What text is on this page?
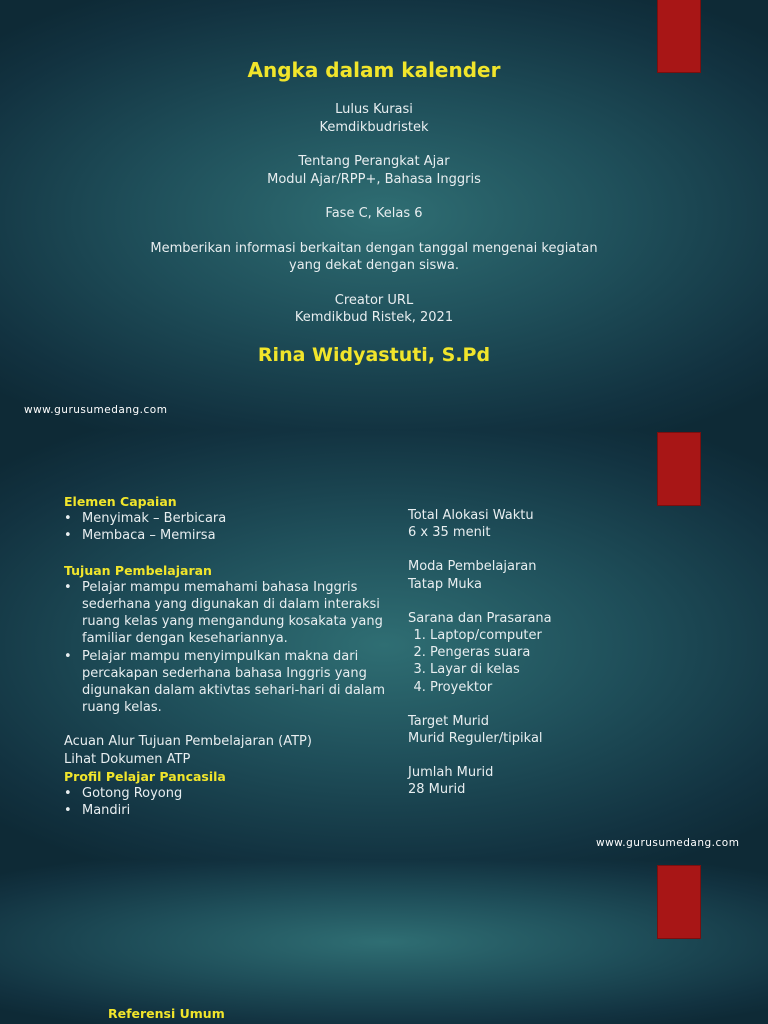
Angka dalam kalender
Lulus Kurasi
Kemdikbudristek
Tentang Perangkat Ajar
Modul Ajar/RPP+, Bahasa Inggris
Fase C, Kelas 6
Memberikan informasi berkaitan dengan tanggal mengenai kegiatan
yang dekat dengan siswa.
Creator URL
Kemdikbud Ristek, 2021
Rina Widyastuti, S.Pd
www.gurusumedang.com
Elemen Capaian
• Menyimak – Berbicara
• Membaca – Memirsa
Tujuan Pembelajaran
• Pelajar mampu memahami bahasa Inggris sederhana yang digunakan di dalam interaksi ruang kelas yang mengandung kosakata yang familiar dengan kesehariannya.
• Pelajar mampu menyimpulkan makna dari percakapan sederhana bahasa Inggris yang digunakan dalam aktivtas sehari-hari di dalam ruang kelas.
Acuan Alur Tujuan Pembelajaran (ATP)
Lihat Dokumen ATP
Profil Pelajar Pancasila
• Gotong Royong
• Mandiri
Total Alokasi Waktu
6 x 35 menit
Moda Pembelajaran
Tatap Muka
Sarana dan Prasarana
1. Laptop/computer
2. Pengeras suara
3. Layar di kelas
4. Proyektor
Target Murid
Murid Reguler/tipikal
Jumlah Murid
28 Murid
www.gurusumedang.com
Referensi Umum
